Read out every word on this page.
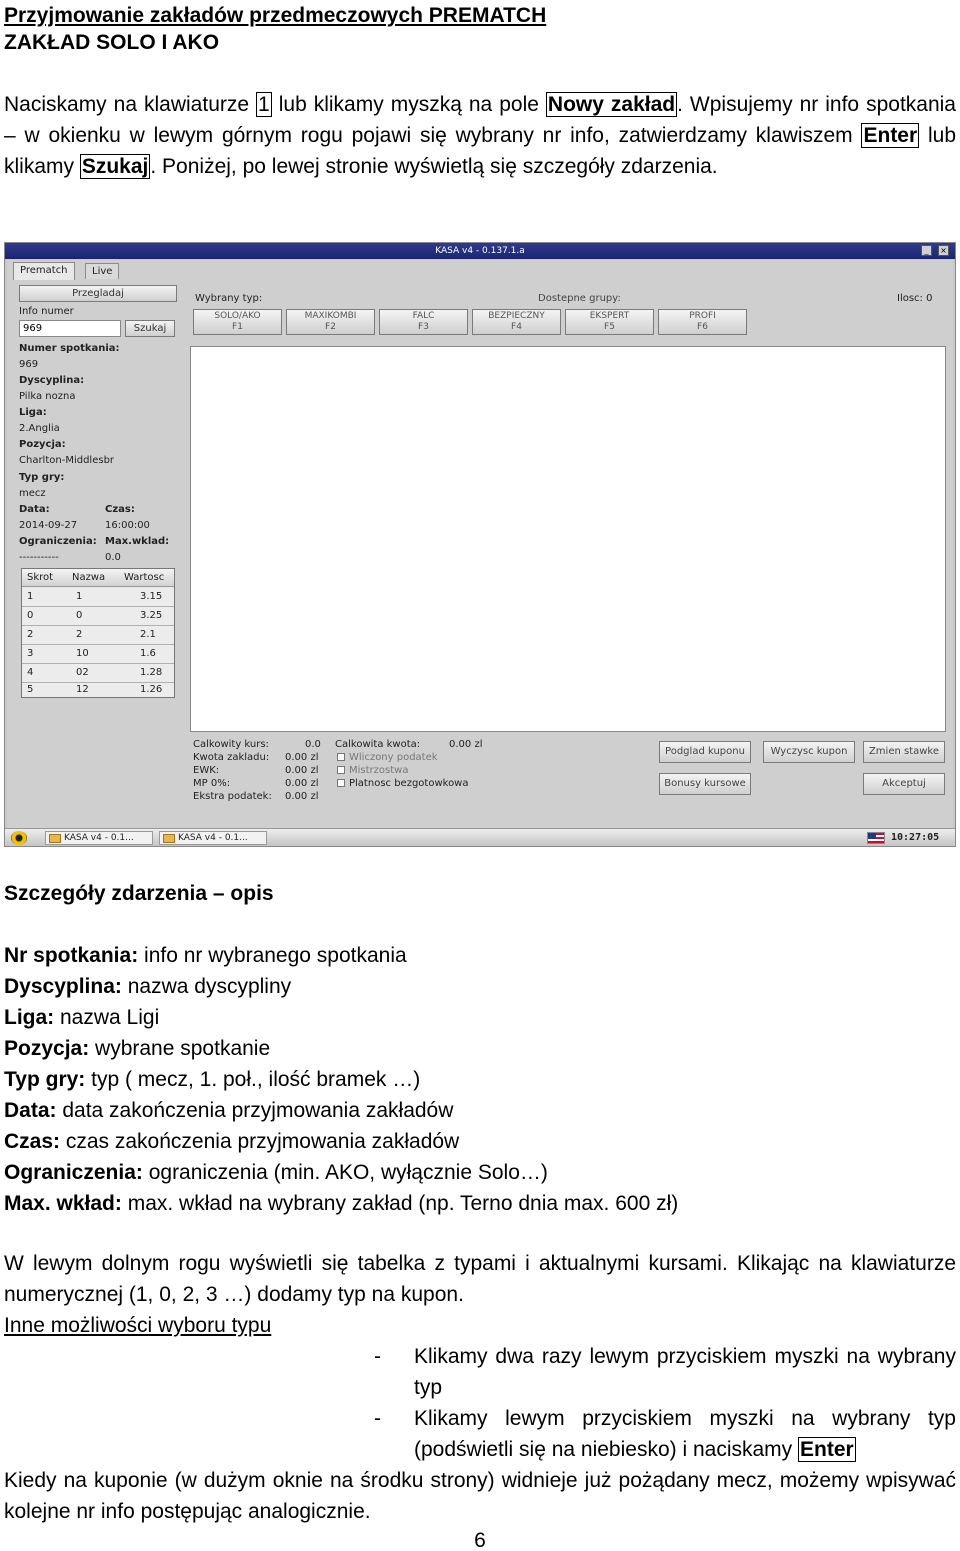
Przyjmowanie zakładów przedmeczowych PREMATCH
ZAKŁAD SOLO I AKO
Naciskamy na klawiaturze 1 lub klikamy myszką na pole Nowy zakład. Wpisujemy nr info spotkania – w okienku w lewym górnym rogu pojawi się wybrany nr info, zatwierdzamy klawiszem Enter lub klikamy Szukaj. Poniżej, po lewej stronie wyświetlą się szczegóły zdarzenia.
KASA v4 - 0.137.1.a	_	×
Prematch	Live
Przegladaj
Info numer
969
Szukaj
Numer spotkania:
969
Dyscyplina:
Pilka nozna
Liga:
2.Anglia
Pozycja:
Charlton-Middlesbr
Typ gry:
mecz
Data:	Czas:
2014-09-27	16:00:00
Ograniczenia: Max.wklad:
-----------	0.0
Skrot Nazwa Wartosc
1	1	3.15
0	0	3.25
2	2	2.1
3	10	1.6
4	02	1.28
5	12	1.26
Wybrany typ:	Dostepne grupy:	Ilosc: 0
SOLO/AKO
F1
MAXIKOMBI
F2
FALC
F3
BEZPIECZNY
F4
EKSPERT
F5
PROFI
F6
Calkowity kurs:	0.0
Kwota zakladu: 0.00 zl
EWK:	0.00 zl
MP 0%:	0.00 zl
Ekstra podatek: 0.00 zl
Calkowita kwota:	0.00 zl
Wliczony podatek
Mistrzostwa
Platnosc bezgotowkowa
Podglad kuponu	Wyczysc kupon	Zmien stawke
Bonusy kursowe	Akceptuj
KASA v4 - 0.1...	KASA v4 - 0.1...	10:27:05
Szczegóły zdarzenia – opis
Nr spotkania: info nr wybranego spotkania
Dyscyplina: nazwa dyscypliny
Liga: nazwa Ligi
Pozycja: wybrane spotkanie
Typ gry: typ ( mecz, 1. poł., ilość bramek …)
Data: data zakończenia przyjmowania zakładów
Czas: czas zakończenia przyjmowania zakładów
Ograniczenia: ograniczenia (min. AKO, wyłącznie Solo…)
Max. wkład: max. wkład na wybrany zakład (np. Terno dnia max. 600 zł)
W lewym dolnym rogu wyświetli się tabelka z typami i aktualnymi kursami. Klikając na klawiaturze numerycznej (1, 0, 2, 3 …) dodamy typ na kupon.
Inne możliwości wyboru typu
- Klikamy dwa razy lewym przyciskiem myszki na wybrany typ
- Klikamy lewym przyciskiem myszki na wybrany typ (podświetli się na niebiesko) i naciskamy Enter
Kiedy na kuponie (w dużym oknie na środku strony) widnieje już pożądany mecz, możemy wpisywać kolejne nr info postępując analogicznie.
6
